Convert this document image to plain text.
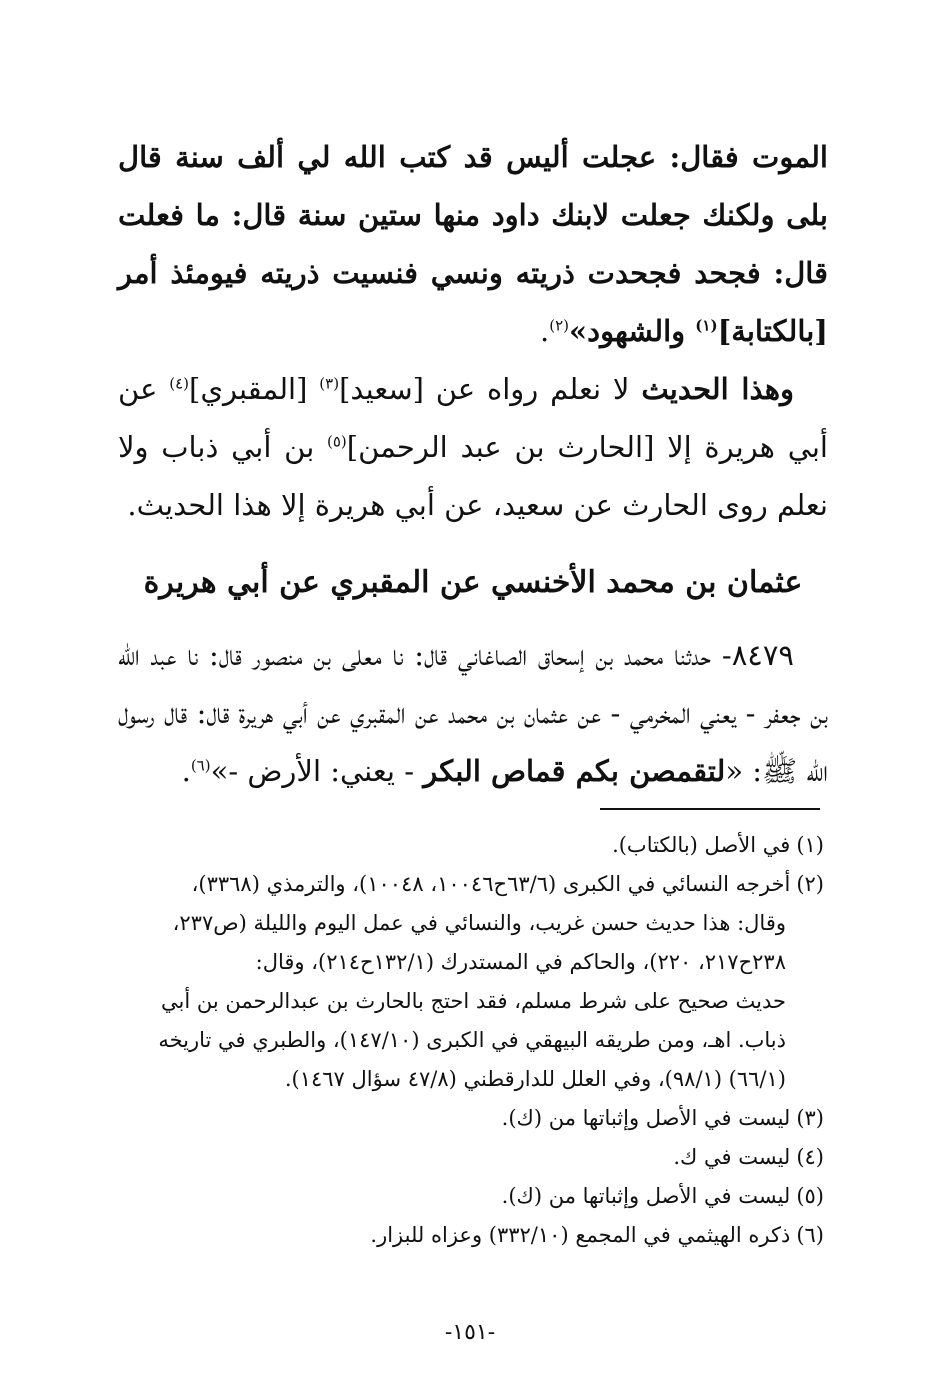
الموت فقال: عجلت أليس قد كتب الله لي ألف سنة قال بلى ولكنك جعلت لابنك داود منها ستين سنة قال: ما فعلت قال: فجحد فجحدت ذريته ونسي فنسيت ذريته فيومئذ أمر [بالكتابة]$^{(١)}$ والشهود»$^{(٢)}$.

وهذا الحديث لا نعلم رواه عن [سعيد]$^{(٣)}$ [المقبري]$^{(٤)}$ عن أبي هريرة إلا [الحارث بن عبد الرحمن]$^{(٥)}$ بن أبي ذباب ولا نعلم روى الحارث عن سعيد، عن أبي هريرة إلا هذا الحديث.

عثمان بن محمد الأخنسي عن المقبري عن أبي هريرة

٨٤٧٩- حدثنا محمد بن إسحاق الصاغاني قال: نا معلى بن منصور قال: نا عبد الله بن جعفر - يعني المخرمي - عن عثمان بن محمد عن المقبري عن أبي هريرة قال: قال رسول الله ﷺ: «لتقمصن بكم قماص البكر - يعني: الأرض -»$^{(٦)}$.

(١)في الأصل (بالكتاب).
(٢)أخرجه النسائي في الكبرى (٦٣/٦ح١٠٠٤٦، ١٠٠٤٨)، والترمذي (٣٣٦٨)،
وقال: هذا حديث حسن غريب، والنسائي في عمل اليوم والليلة (ص٢٣٧،
٢٣٨ح٢١٧، ٢٢٠)، والحاكم في المستدرك (١٣٢/١ح٢١٤)، وقال:
حديث صحيح على شرط مسلم، فقد احتج بالحارث بن عبدالرحمن بن أبي
ذباب. اهـ، ومن طريقه البيهقي في الكبرى (١٤٧/١٠)، والطبري في تاريخه
(٦٦/١) (٩٨/١)، وفي العلل للدارقطني (٤٧/٨ سؤال ١٤٦٧).
(٣)ليست في الأصل وإثباتها من (ك).
(٤)ليست في ك.
(٥)ليست في الأصل وإثباتها من (ك).
(٦)ذكره الهيثمي في المجمع (٣٣٢/١٠) وعزاه للبزار.
-١٥١-
